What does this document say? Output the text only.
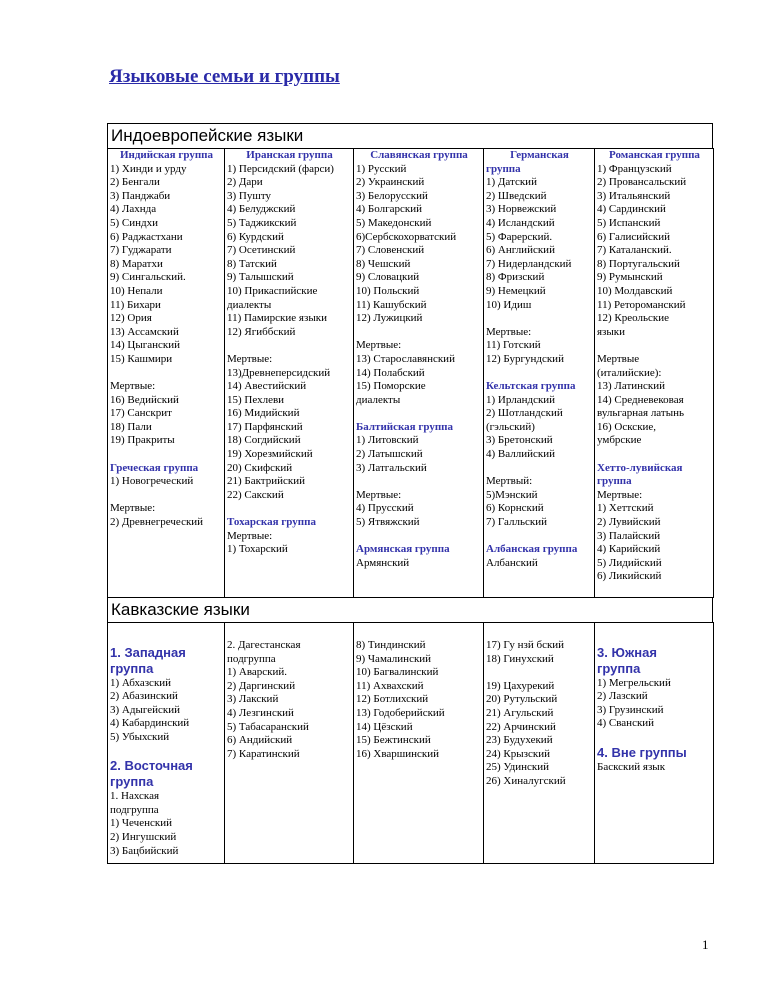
Языковые семьи и группы
Индоевропейские языки
Индийская группа
1) Хинди и урду
2) Бенгали
3) Панджаби
4) Лахнда
5) Синдхи
6) Раджастхани
7) Гуджарати
8) Маратхи
9) Сингальский.
10) Непали
11) Бихари
12) Ория
13) Ассамский
14) Цыганский
15) Кашмири
Мертвые:
16) Ведийский
17) Санскрит
18) Пали
19) Пракриты
Греческая группа
1) Новогреческий
Мертвые:
2) Древнегреческий

Иранская группа
1) Персидский (фарси)
2) Дари
3) Пушту
4) Белуджский
5) Таджикский
6) Курдский
7) Осетинский
8) Татский
9) Талышский
10) Прикаспийские
диалекты
11) Памирские языки
12) Ягиббский
Мертвые:
13)Древнеперсидский
14) Авестийский
15) Пехлеви
16) Мидийский
17) Парфянский
18) Согдийский
19) Хорезмийский
20) Скифский
21) Бактрийский
22) Сакский
Тохарская группа
Мертвые:
1) Тохарский

Славянская группа
1) Русский
2) Украинский
3) Белорусский
4) Болгарский
5) Македонский
6)Сербскохорватский
7) Словенский
8) Чешский
9) Словацкий
10) Польский
11) Кашубский
12) Лужицкий
Мертвые:
13) Старославянский
14) Полабский
15) Поморские
диалекты
Балтийская группа
1) Литовский
2) Латышский
3) Латгальский
Мертвые:
4) Прусский
5) Ятвяжский
Армянская группа
Армянский

Германская
группа
1) Датский
2) Шведский
3) Норвежский
4) Исландский
5) Фарерский.
6) Английский
7) Нидерландский
8) Фризский
9) Немецкий
10) Идиш
Мертвые:
11) Готский
12) Бургундский
Кельтская группа
1) Ирландский
2) Шотландский
(гэльский)
3) Бретонский
4) Валлийский
Мертвый:
5)Мэнский
6) Корнский
7) Галльский
Албанская группа
Албанский

Романская группа
1) Французский
2) Провансальский
3) Итальянский
4) Сардинский
5) Испанский
6) Галисийский
7) Каталанский.
8) Португальский
9) Румынский
10) Молдавский
11) Ретороманский
12) Креольские
языки
Мертвые
(италийские):
13) Латинский
14) Средневековая
вульгарная латынь
16) Оскские,
умбрские
Хетто-лувийская
группа
Мертвые:
1) Хеттский
2) Лувийский
3) Палайский
4) Карийский
5) Лидийский
6) Ликийский
Кавказские языки
1. Западная
группа
1) Абхазский
2) Абазинский
3) Адыгейский
4) Кабардинский
5) Убыхский
2. Восточная
группа
1. Нахская
подгруппа
1) Чеченский
2) Ингушский
3) Бацбийский

2. Дагестанская
подгруппа
1) Аварский.
2) Даргинский
3) Лакский
4) Лезгинский
5) Табасаранский
6) Андийский
7) Каратинский

8) Тиндинский
9) Чамалинский
10) Багвалинский
11) Ахвахский
12) Ботлихский
13) Годоберийский
14) Цёзский
15) Бежтинский
16) Хваршинский

17) Гу нзй бский
18) Гинухский
19) Цахурекий
20) Рутульский
21) Агульский
22) Арчинский
23) Будухекий
24) Крызский
25) Удинский
26) Хиналугский

3. Южная
группа
1) Мегрельский
2) Лазский
3) Грузинский
4) Сванский
4. Вне группы
Баскский язык
1
